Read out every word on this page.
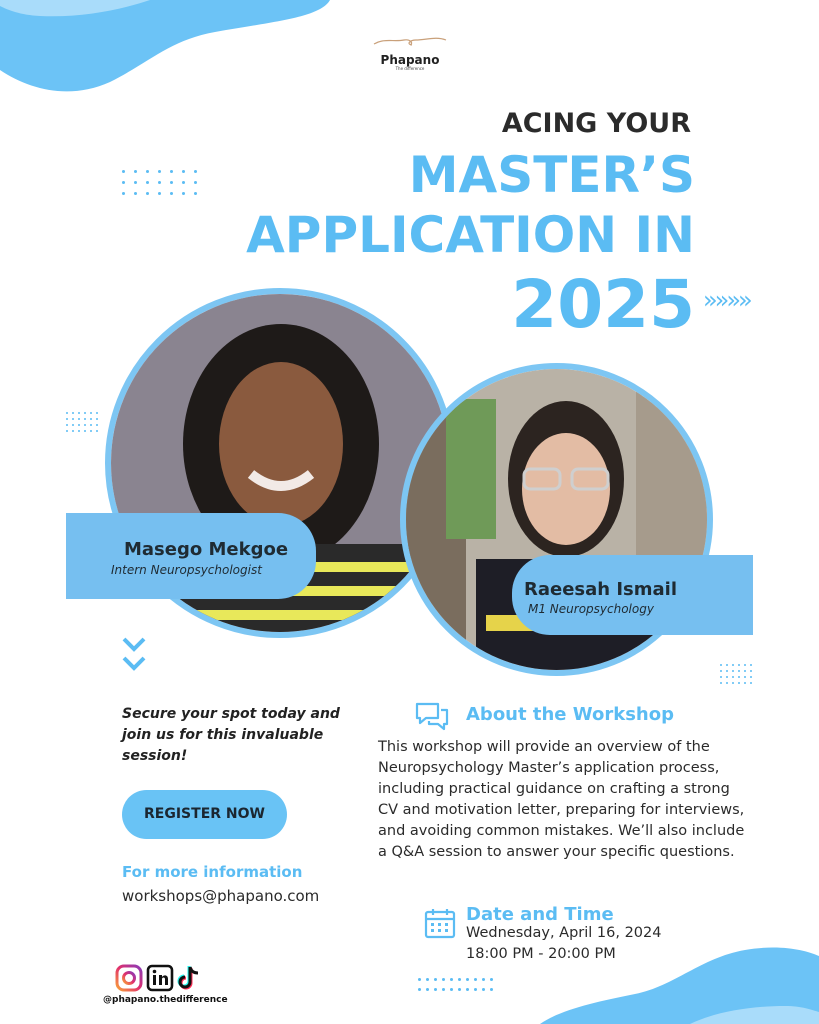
Phapano
The difference
ACING YOUR
MASTER’S
APPLICATION IN
2025 »»»»
Masego Mekgoe
Intern Neuropsychologist
Raeesah Ismail
M1 Neuropsychology
Secure your spot today and join us for this invaluable session!
REGISTER NOW
For more information
workshops@phapano.com
About the Workshop
This workshop will provide an overview of the Neuropsychology Master’s application process, including practical guidance on crafting a strong CV and motivation letter, preparing for interviews, and avoiding common mistakes. We’ll also include a Q&A session to answer your specific questions.
Date and Time
Wednesday, April 16, 2024
18:00 PM - 20:00 PM
@phapano.thedifference
